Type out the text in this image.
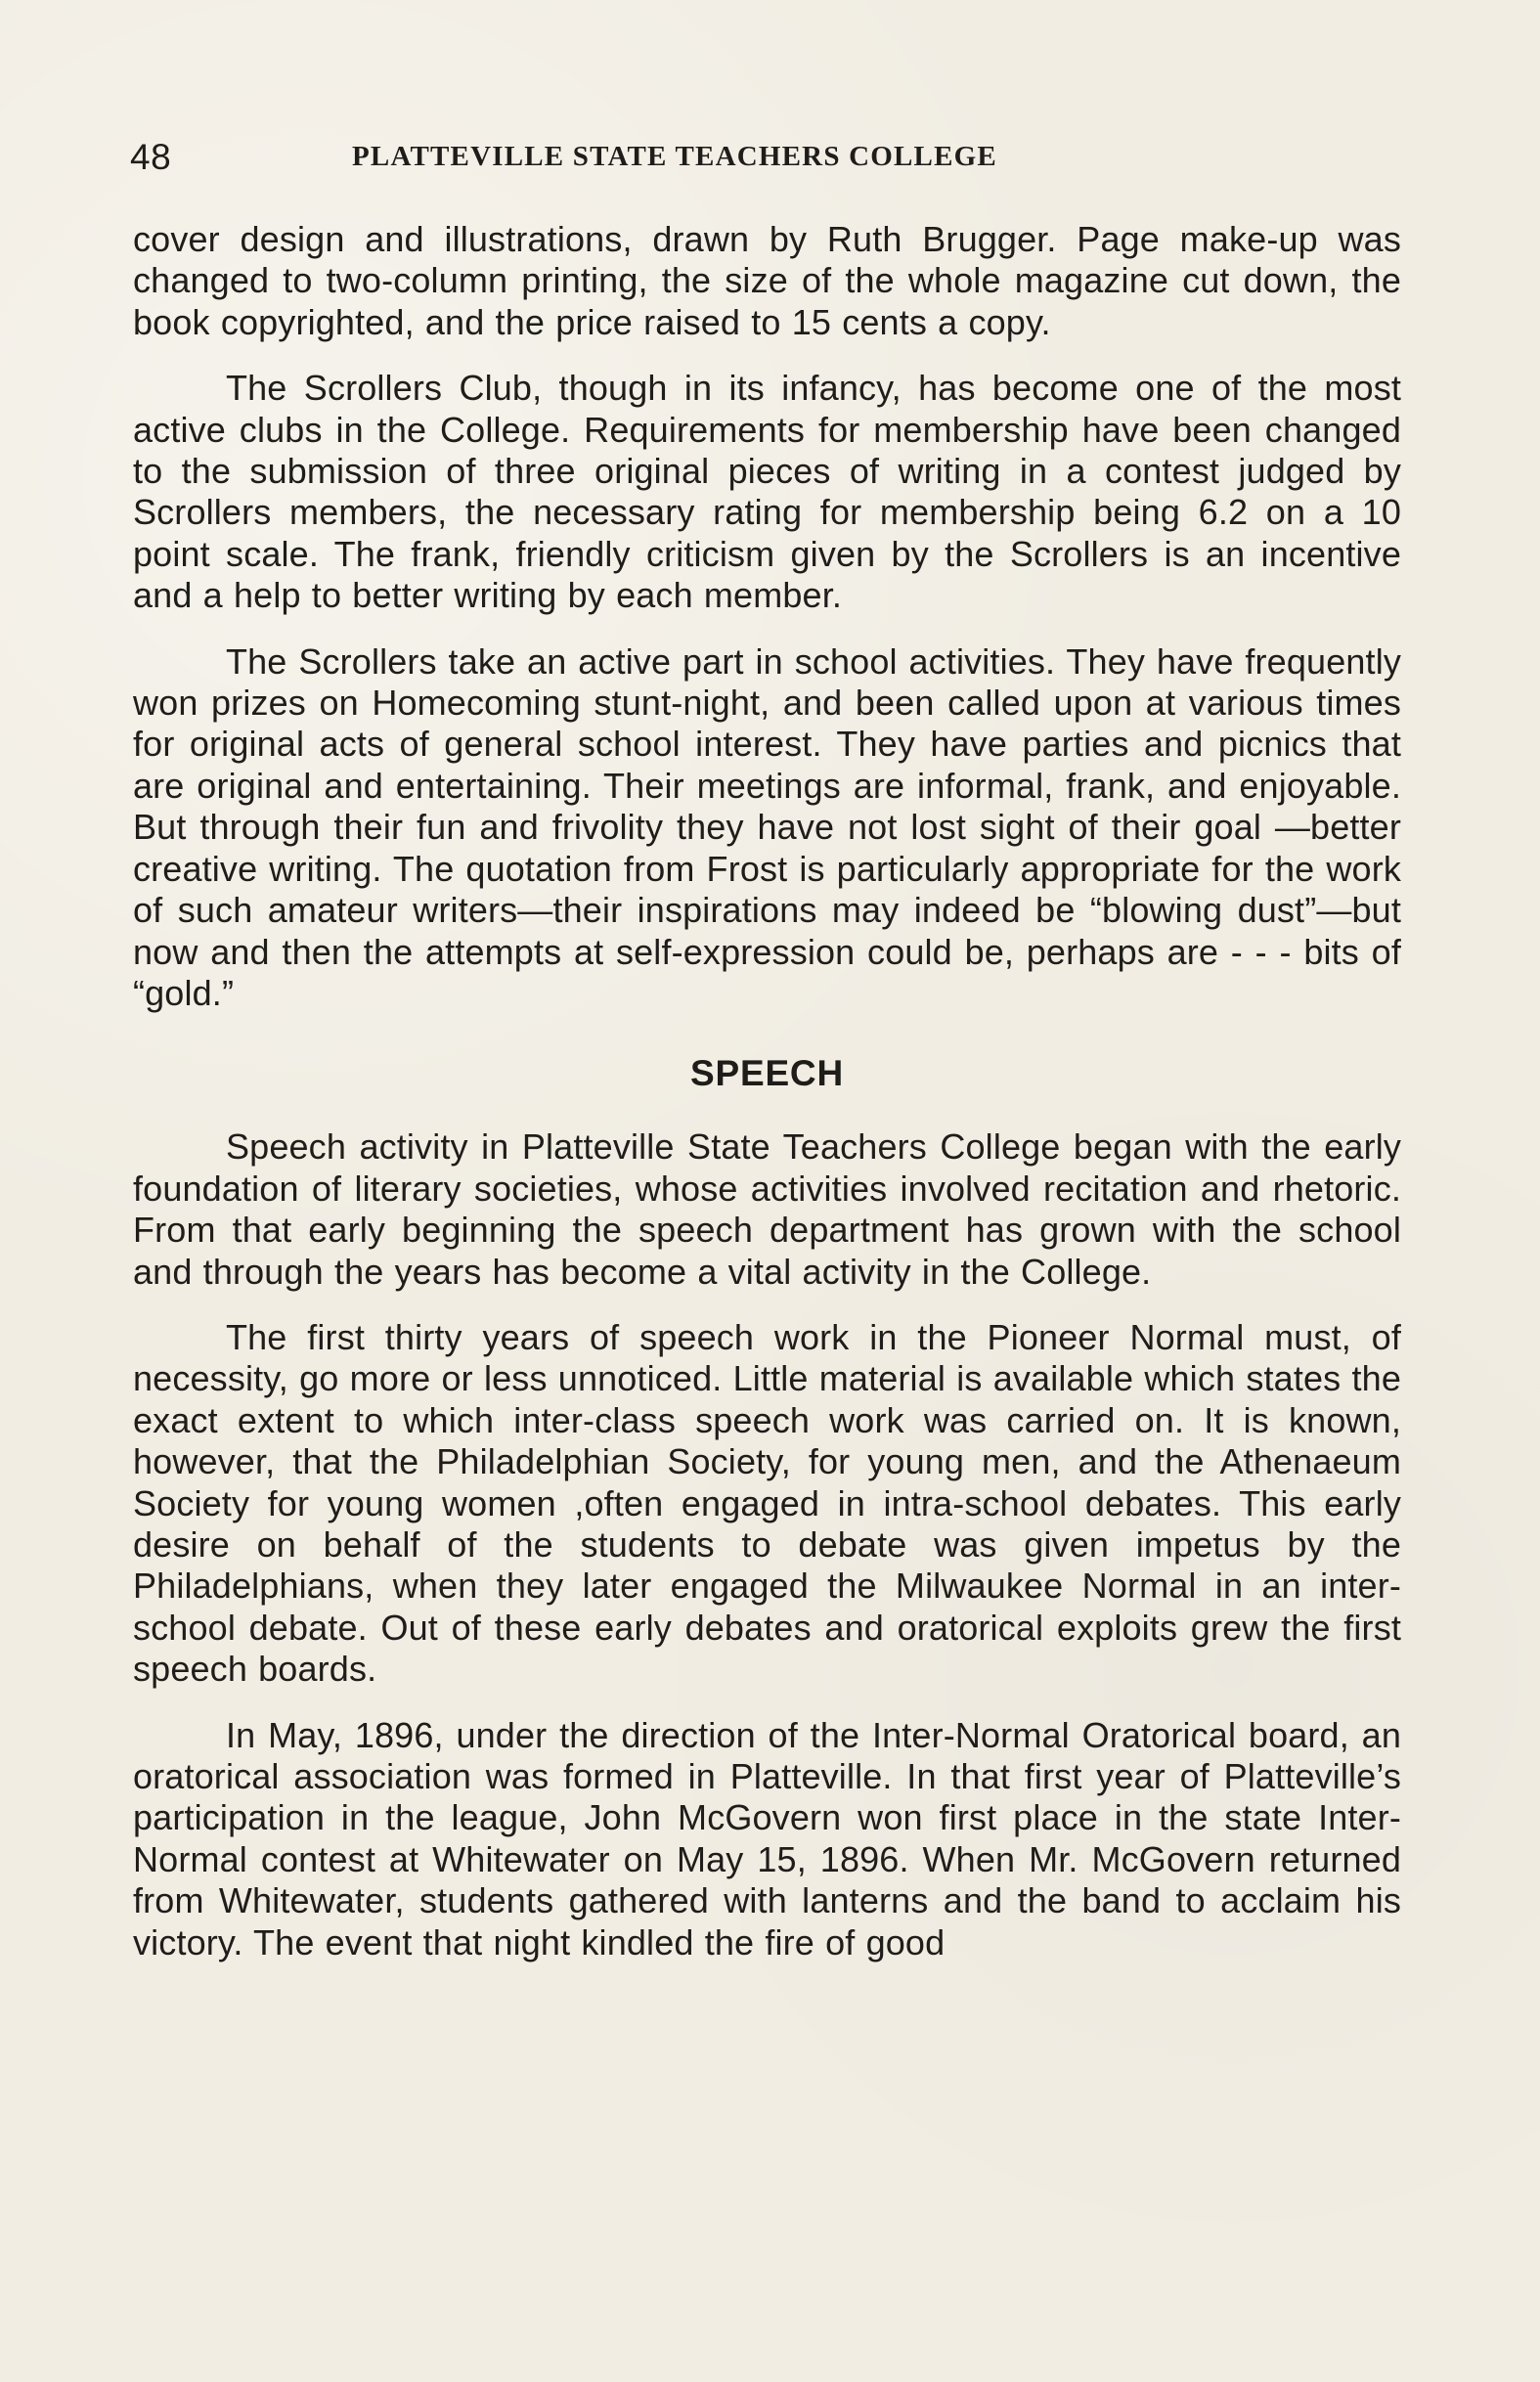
48	PLATTEVILLE STATE TEACHERS COLLEGE

cover design and illustrations, drawn by Ruth Brugger. Page make-up was changed to two-column printing, the size of the whole magazine cut down, the book copyrighted, and the price raised to 15 cents a copy.

The Scrollers Club, though in its infancy, has become one of the most active clubs in the College. Requirements for membership have been changed to the submission of three original pieces of writing in a contest judged by Scrollers members, the necessary rating for membership being 6.2 on a 10 point scale. The frank, friendly criticism given by the Scrollers is an incentive and a help to better writing by each member.

The Scrollers take an active part in school activities. They have frequently won prizes on Homecoming stunt-night, and been called upon at various times for original acts of general school interest. They have parties and picnics that are original and entertaining. Their meetings are informal, frank, and enjoyable. But through their fun and frivolity they have not lost sight of their goal —better creative writing. The quotation from Frost is particularly appropriate for the work of such amateur writers—their inspirations may indeed be “blowing dust”—but now and then the attempts at self-expression could be, perhaps are - - - bits of “gold.”

SPEECH

Speech activity in Platteville State Teachers College began with the early foundation of literary societies, whose activities involved recitation and rhetoric. From that early beginning the speech department has grown with the school and through the years has become a vital activity in the College.

The first thirty years of speech work in the Pioneer Normal must, of necessity, go more or less unnoticed. Little material is available which states the exact extent to which inter-class speech work was carried on. It is known, however, that the Philadelphian Society, for young men, and the Athenaeum Society for young women ,often engaged in intra-school debates. This early desire on behalf of the students to debate was given impetus by the Philadelphians, when they later engaged the Milwaukee Normal in an inter-school debate. Out of these early debates and oratorical exploits grew the first speech boards.

In May, 1896, under the direction of the Inter-Normal Oratorical board, an oratorical association was formed in Platteville. In that first year of Platteville’s participation in the league, John McGovern won first place in the state Inter-Normal contest at Whitewater on May 15, 1896. When Mr. McGovern returned from Whitewater, students gathered with lanterns and the band to acclaim his victory. The event that night kindled the fire of good
